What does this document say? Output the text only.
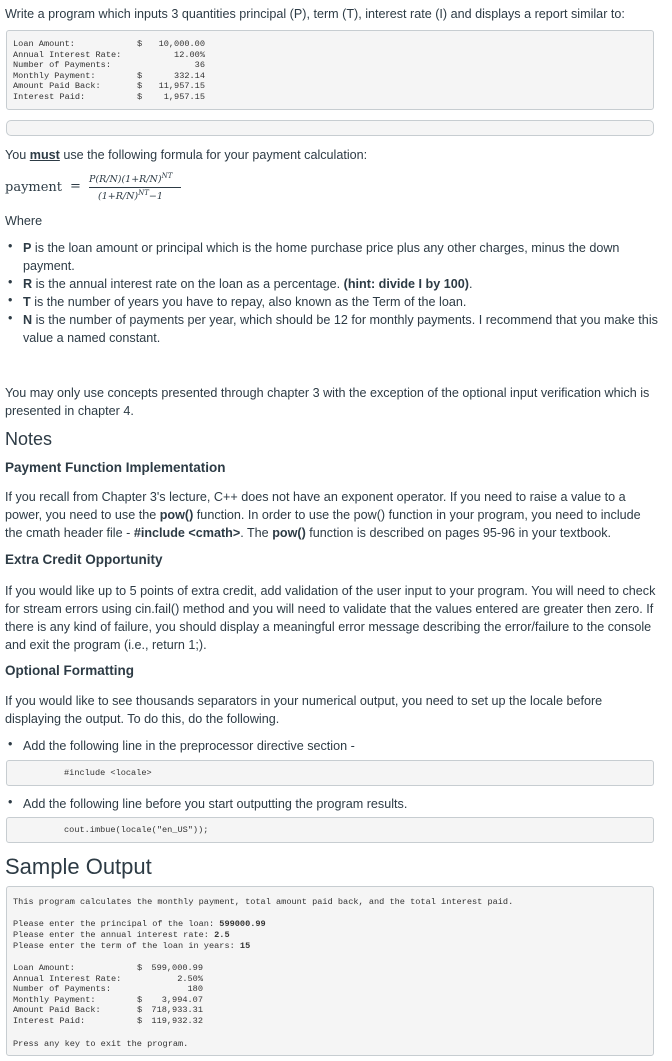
Write a program which inputs 3 quantities principal (P), term (T), interest rate (I) and displays a report similar to:
Loan Amount:	$	10,000.00
Annual Interest Rate:	12.00%
Number of Payments:	36
Monthly Payment:	$	332.14
Amount Paid Back:	$	11,957.15
Interest Paid:	$	1,957.15
You must use the following formula for your payment calculation:
payment = $P(R/N)(1+R/N)^{NT}$
$(1+R/N)^{NT}-1$
Where
P is the loan amount or principal which is the home purchase price plus any other charges, minus the down payment.
R is the annual interest rate on the loan as a percentage. (hint: divide I by 100).
T is the number of years you have to repay, also known as the Term of the loan.
N is the number of payments per year, which should be 12 for monthly payments. I recommend that you make this value a named constant.
You may only use concepts presented through chapter 3 with the exception of the optional input verification which is presented in chapter 4.
Notes
Payment Function Implementation
If you recall from Chapter 3's lecture, C++ does not have an exponent operator. If you need to raise a value to a power, you need to use the pow() function. In order to use the pow() function in your program, you need to include the cmath header file - #include <cmath>. The pow() function is described on pages 95-96 in your textbook.
Extra Credit Opportunity
If you would like up to 5 points of extra credit, add validation of the user input to your program. You will need to check for stream errors using cin.fail() method and you will need to validate that the values entered are greater then zero. If there is any kind of failure, you should display a meaningful error message describing the error/failure to the console and exit the program (i.e., return 1;).
Optional Formatting
If you would like to see thousands separators in your numerical output, you need to set up the locale before displaying the output. To do this, do the following.
Add the following line in the preprocessor directive section -
#include <locale>
Add the following line before you start outputting the program results.
cout.imbue(locale("en_US"));
Sample Output
This program calculates the monthly payment, total amount paid back, and the total interest paid.
Please enter the principal of the loan: 599000.99
Please enter the annual interest rate: 2.5
Please enter the term of the loan in years: 15
Loan Amount:	$	599,000.99
Annual Interest Rate:	2.50%
Number of Payments:	180
Monthly Payment:	$	3,994.07
Amount Paid Back:	$	718,933.31
Interest Paid:	$	119,932.32
Press any key to exit the program.
